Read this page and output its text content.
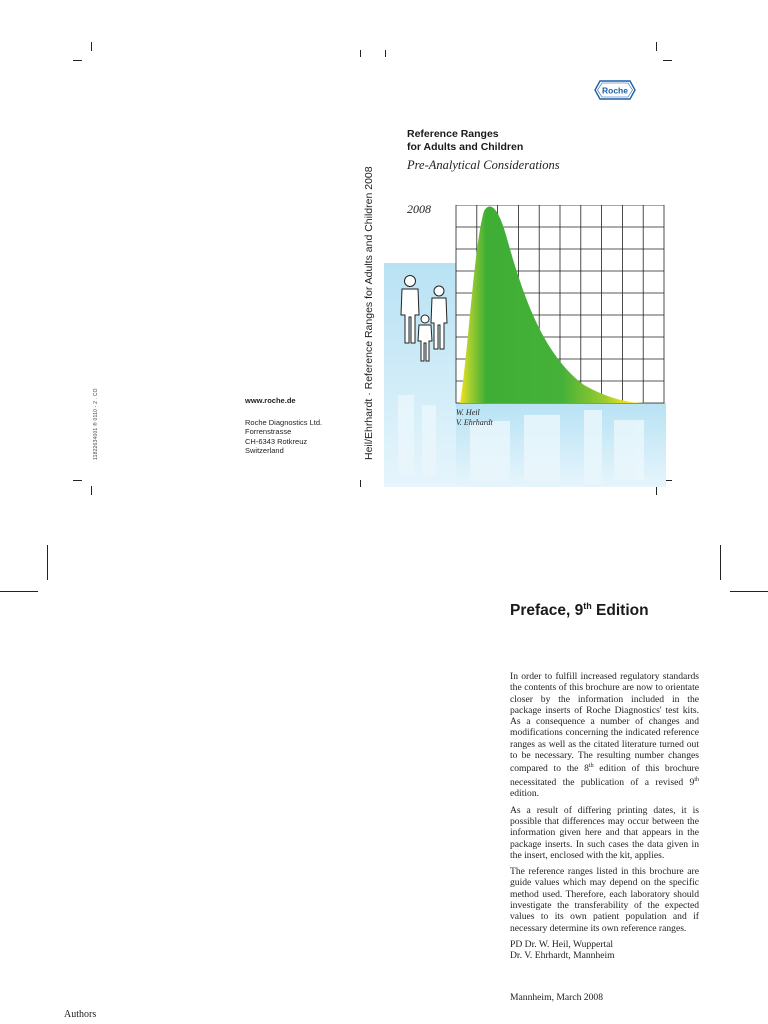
11822634001 ® 0110 - 2 . CO	www.roche.de
Roche Diagnostics Ltd.
Forrenstrasse
CH-6343 Rotkreuz
Switzerland	Heil/Ehrhardt · Reference Ranges for Adults and Children 2008
Roche
Reference Ranges
for Adults and Children
Pre-Analytical Considerations
2008
W. Heil
V. Ehrhardt
Preface, 9th Edition

In order to fulfill increased regulatory standards the contents of this brochure are now to orientate closer by the information included in the package inserts of Roche Diagnostics' test kits. As a consequence a number of changes and modifications concerning the indicated reference ranges as well as the citated literature turned out to be necessary. The resulting number changes compared to the 8th edition of this brochure necessitated the publication of a revised 9th edition.

As a result of differing printing dates, it is possible that differences may occur between the information given here and that appears in the package inserts. In such cases the data given in the insert, enclosed with the kit, applies.

The reference ranges listed in this brochure are guide values which may depend on the specific method used. Therefore, each laboratory should investigate the transferability of the expected values to its own patient population and if necessary determine its own reference ranges.

PD Dr. W. Heil, Wuppertal
Dr. V. Ehrhardt, Mannheim
Mannheim, March 2008
Authors
